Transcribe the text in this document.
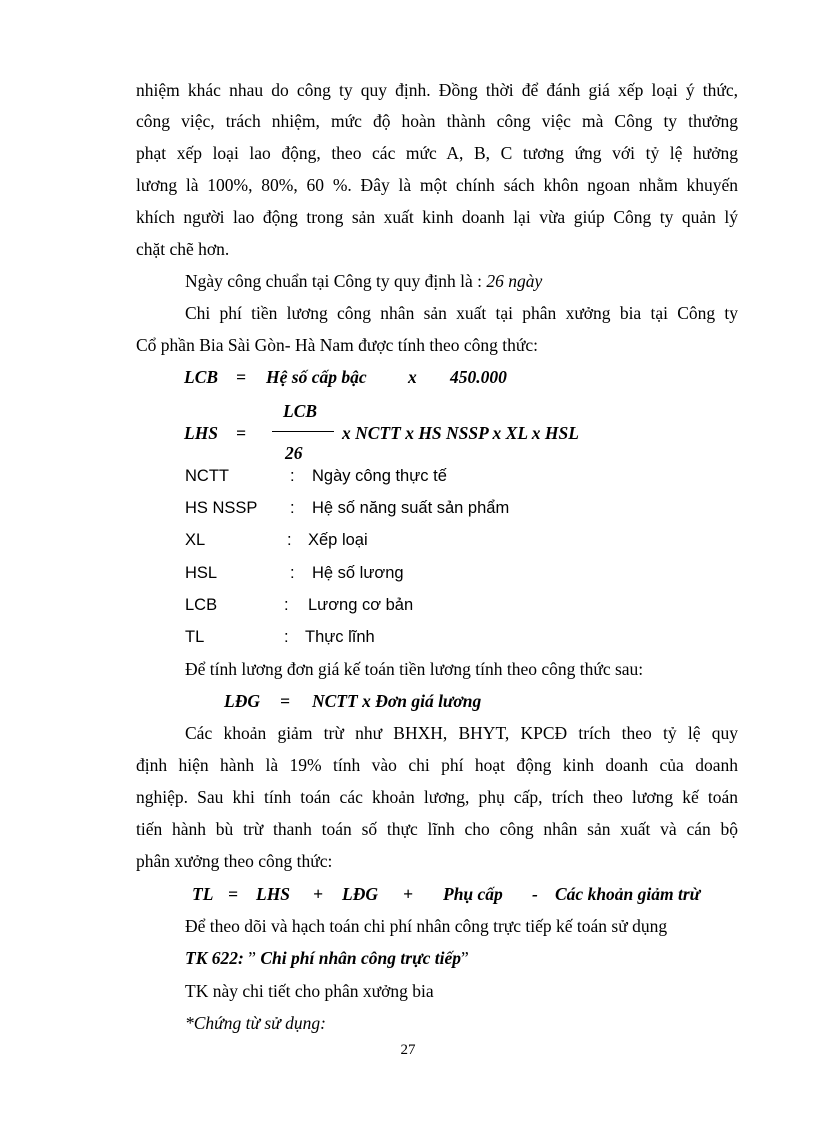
nhiệm khác nhau do công ty quy định. Đồng thời để đánh giá xếp loại ý thức,
công việc, trách nhiệm, mức độ hoàn thành công việc mà Công ty thưởng
phạt xếp loại lao động, theo các mức A, B, C tương ứng với tỷ lệ hưởng
lương là 100%, 80%, 60 %. Đây là một chính sách khôn ngoan nhằm khuyến
khích người lao động trong sản xuất kinh doanh lại vừa giúp Công ty quản lý
chặt chẽ hơn.
Ngày công chuẩn tại Công ty quy định là : 26 ngày
Chi phí tiền lương công nhân sản xuất tại phân xưởng bia tại Công ty
Cổ phần Bia Sài Gòn- Hà Nam được tính theo công thức:
LCB = Hệ số cấp bậc x 450.000
LCB
LHS =	x NCTT x HS NSSP x XL x HSL
26
NCTT	: Ngày công thực tế
HS NSSP : Hệ số năng suất sản phẩm
XL	: Xếp loại
HSL	: Hệ số lương
LCB	: Lương cơ bản
TL	: Thực lĩnh
Để tính lương đơn giá kế toán tiền lương tính theo công thức sau:
LĐG = NCTT x Đơn giá lương
Các khoản giảm trừ như BHXH, BHYT, KPCĐ trích theo tỷ lệ quy
định hiện hành là 19% tính vào chi phí hoạt động kinh doanh của doanh
nghiệp. Sau khi tính toán các khoản lương, phụ cấp, trích theo lương kế toán
tiến hành bù trừ thanh toán số thực lĩnh cho công nhân sản xuất và cán bộ
phân xưởng theo công thức:
TL = LHS + LĐG + Phụ cấp - Các khoản giảm trừ
Để theo dõi và hạch toán chi phí nhân công trực tiếp kế toán sử dụng
TK 622: ” Chi phí nhân công trực tiếp”
TK này chi tiết cho phân xưởng bia
*Chứng từ sử dụng:
27
